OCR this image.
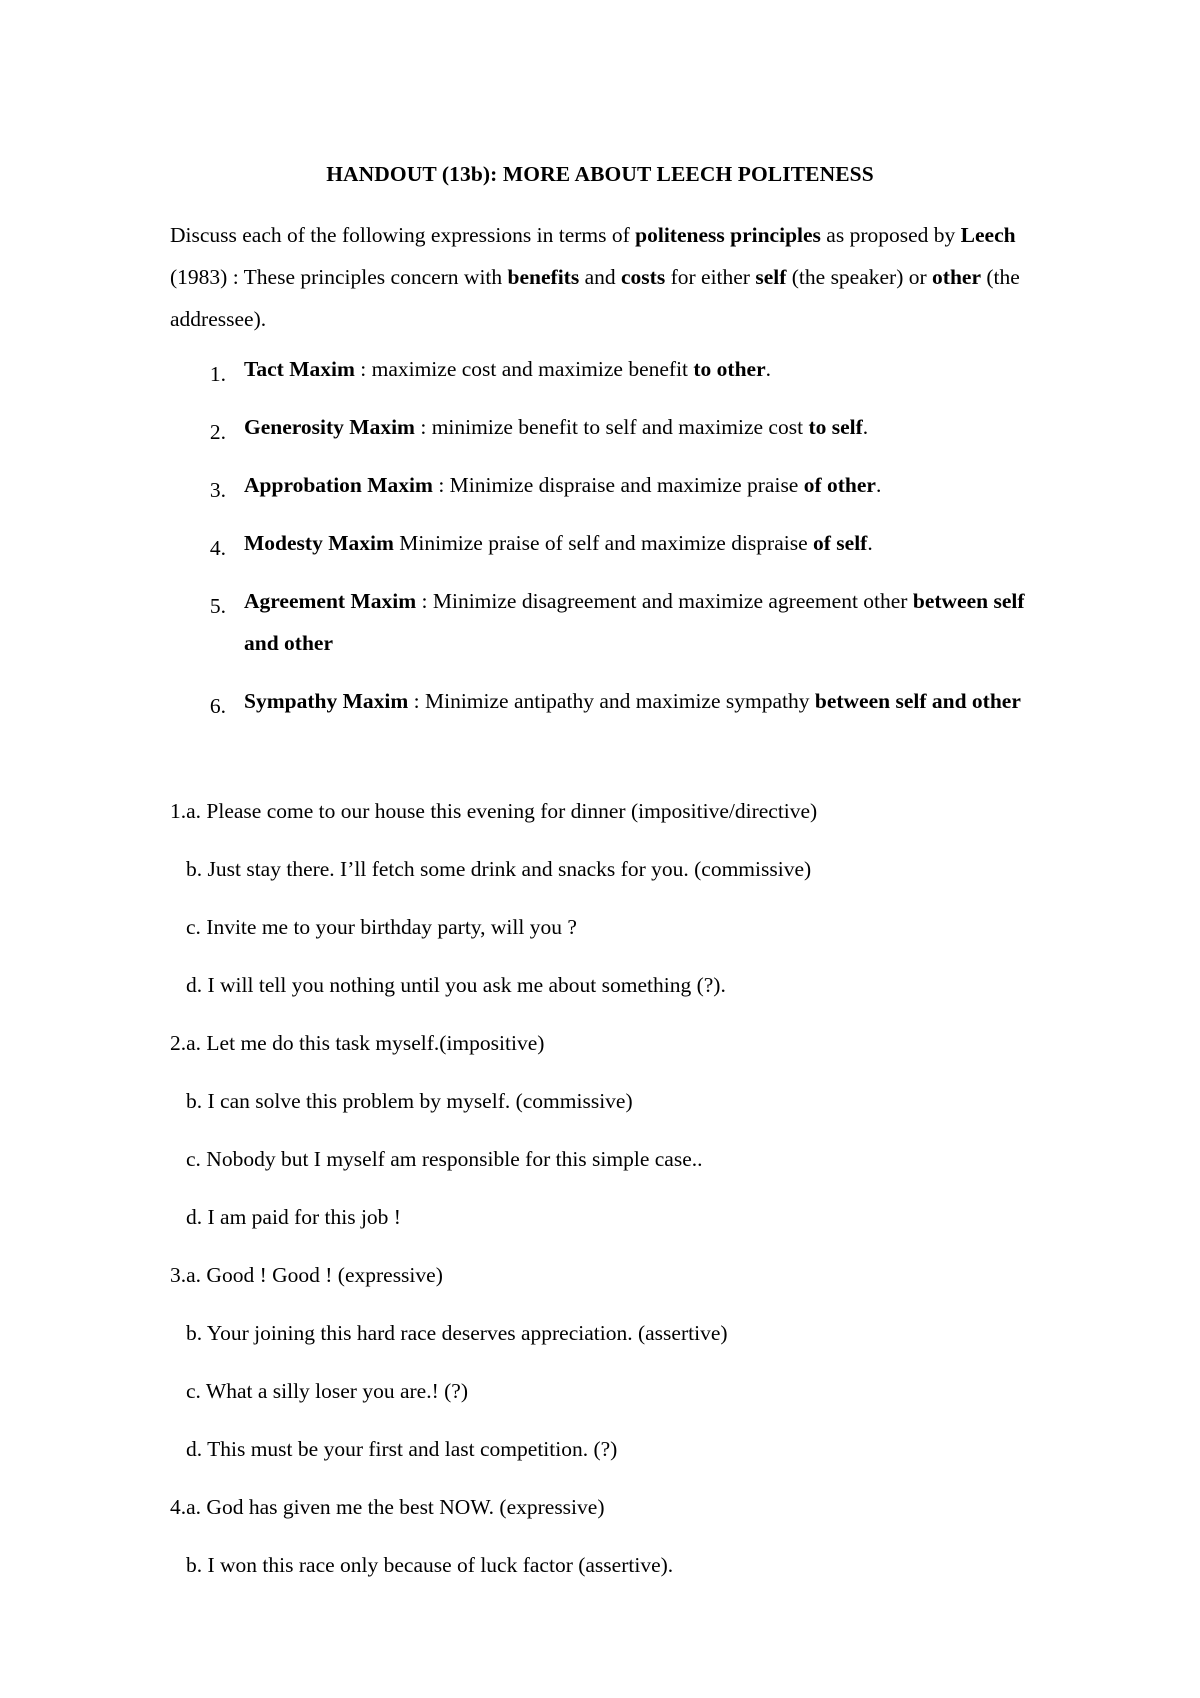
HANDOUT (13b): MORE ABOUT LEECH POLITENESS
Discuss each of the following expressions in terms of politeness principles as proposed by Leech (1983) : These principles concern with benefits and costs for either self (the speaker) or other (the addressee).
1. Tact Maxim : maximize cost and maximize benefit to other.
2. Generosity Maxim : minimize benefit to self and maximize cost to self.
3. Approbation Maxim : Minimize dispraise and maximize praise of other.
4. Modesty Maxim Minimize praise of self and maximize dispraise of self.
5. Agreement Maxim : Minimize disagreement and maximize agreement other between self and other
6. Sympathy Maxim : Minimize antipathy and maximize sympathy between self and other
1.a. Please come to our house this evening for dinner (impositive/directive)
b. Just stay there. I’ll fetch some drink and snacks for you. (commissive)
c. Invite me to your birthday party, will you ?
d. I will tell you nothing until you ask me about something (?).
2.a. Let me do this task myself.(impositive)
b. I can solve this problem by myself. (commissive)
c. Nobody but I myself am responsible for this simple case..
d. I am paid for this job !
3.a. Good ! Good ! (expressive)
b. Your joining this hard race deserves appreciation. (assertive)
c. What a silly loser you are.! (?)
d. This must be your first and last competition. (?)
4.a. God has given me the best NOW. (expressive)
b. I won this race only because of luck factor (assertive).
